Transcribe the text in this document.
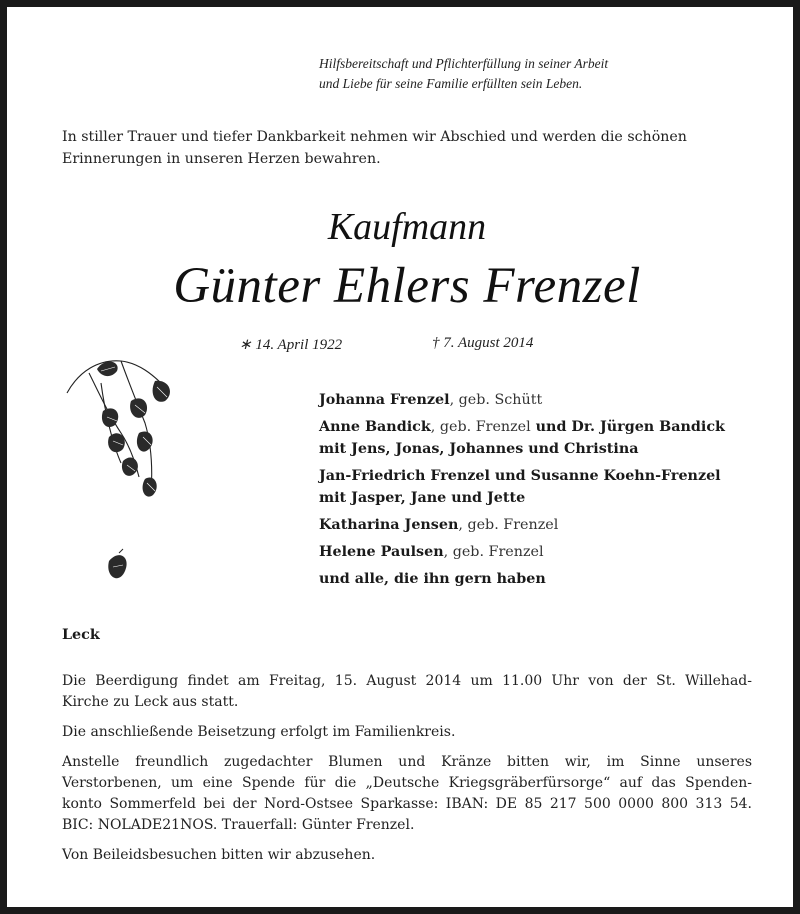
Hilfsbereitschaft und Pflichterfüllung in seiner Arbeit
und Liebe für seine Familie erfüllten sein Leben.
In stiller Trauer und tiefer Dankbarkeit nehmen wir Abschied und werden die schönen
Erinnerungen in unseren Herzen bewahren.
Kaufmann
Günter Ehlers Frenzel
∗ 14. April 1922	† 7. August 2014
Johanna Frenzel, geb. Schütt
Anne Bandick, geb. Frenzel und Dr. Jürgen Bandick
mit Jens, Jonas, Johannes und Christina
Jan-Friedrich Frenzel und Susanne Koehn-Frenzel
mit Jasper, Jane und Jette
Katharina Jensen, geb. Frenzel
Helene Paulsen, geb. Frenzel
und alle, die ihn gern haben
Leck

Die Beerdigung findet am Freitag, 15. August 2014 um 11.00 Uhr von der St. Willehad-
Kirche zu Leck aus statt.

Die anschließende Beisetzung erfolgt im Familienkreis.

Anstelle freundlich zugedachter Blumen und Kränze bitten wir, im Sinne unseres
Verstorbenen, um eine Spende für die „Deutsche Kriegsgräberfürsorge“ auf das Spenden-
konto Sommerfeld bei der Nord-Ostsee Sparkasse: IBAN: DE 85 217 500 0000 800 313 54.
BIC: NOLADE21NOS. Trauerfall: Günter Frenzel.

Von Beileidsbesuchen bitten wir abzusehen.
